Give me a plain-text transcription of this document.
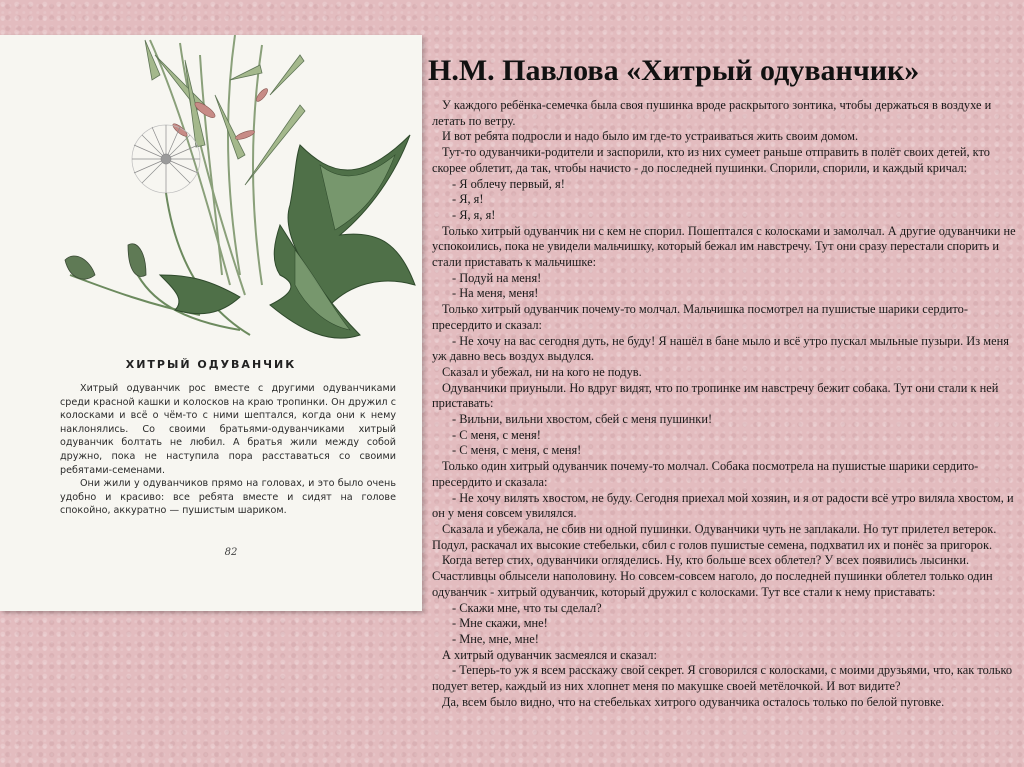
ХИТРЫЙ ОДУВАНЧИК

Хитрый одуванчик рос вместе с другими одуванчиками среди красной кашки и колосков на краю тропинки. Он дружил с колосками и всё о чём-то с ними шептался, когда они к нему наклонялись. Со своими братьями-одуванчиками хитрый одуванчик болтать не любил. А братья жили между собой дружно, пока не наступила пора расставаться со своими ребятами-семенами.

Они жили у одуванчиков прямо на головах, и это было очень удобно и красиво: все ребята вместе и сидят на голове спокойно, аккуратно — пушистым шариком.

82
Н.М. Павлова «Хитрый одуванчик»

У каждого ребёнка-семечка была своя пушинка вроде раскрытого зонтика, чтобы держаться в воздухе и летать по ветру.

И вот ребята подросли и надо было им где-то устраиваться жить своим домом.

Тут-то одуванчики-родители и заспорили, кто из них сумеет раньше отправить в полёт своих детей, кто скорее облетит, да так, чтобы начисто - до последней пушинки. Спорили, спорили, и каждый кричал:

- Я облечу первый, я!

- Я, я!

- Я, я, я!

Только хитрый одуванчик ни с кем не спорил. Пошептался с колосками и замолчал. А другие одуванчики не успокоились, пока не увидели мальчишку, который бежал им навстречу. Тут они сразу перестали спорить и стали приставать к мальчишке:

- Подуй на меня!

- На меня, меня!

Только хитрый одуванчик почему-то молчал. Мальчишка посмотрел на пушистые шарики сердито-пресердито и сказал:

- Не хочу на вас сегодня дуть, не буду! Я нашёл в бане мыло и всё утро пускал мыльные пузыри. Из меня уж давно весь воздух выдулся.

Сказал и убежал, ни на кого не подув.

Одуванчики приуныли. Но вдруг видят, что по тропинке им навстречу бежит собака. Тут они стали к ней приставать:

- Вильни, вильни хвостом, сбей с меня пушинки!

- С меня, с меня!

- С меня, с меня, с меня!

Только один хитрый одуванчик почему-то молчал. Собака посмотрела на пушистые шарики сердито-пресердито и сказала:

- Не хочу вилять хвостом, не буду. Сегодня приехал мой хозяин, и я от радости всё утро виляла хвостом, и он у меня совсем увилялся.

Сказала и убежала, не сбив ни одной пушинки. Одуванчики чуть не заплакали. Но тут прилетел ветерок. Подул, раскачал их высокие стебельки, сбил с голов пушистые семена, подхватил их и понёс за пригорок.

Когда ветер стих, одуванчики огляделись. Ну, кто больше всех облетел? У всех появились лысинки. Счастливцы облысели наполовину. Но совсем-совсем наголо, до последней пушинки облетел только один одуванчик - хитрый одуванчик, который дружил с колосками. Тут все стали к нему приставать:

- Скажи мне, что ты сделал?

- Мне скажи, мне!

- Мне, мне, мне!

А хитрый одуванчик засмеялся и сказал:

- Теперь-то уж я всем расскажу свой секрет. Я сговорился с колосками, с моими друзьями, что, как только подует ветер, каждый из них хлопнет меня по макушке своей метёлочкой. И вот видите?

Да, всем было видно, что на стебельках хитрого одуванчика осталось только по белой пуговке.
